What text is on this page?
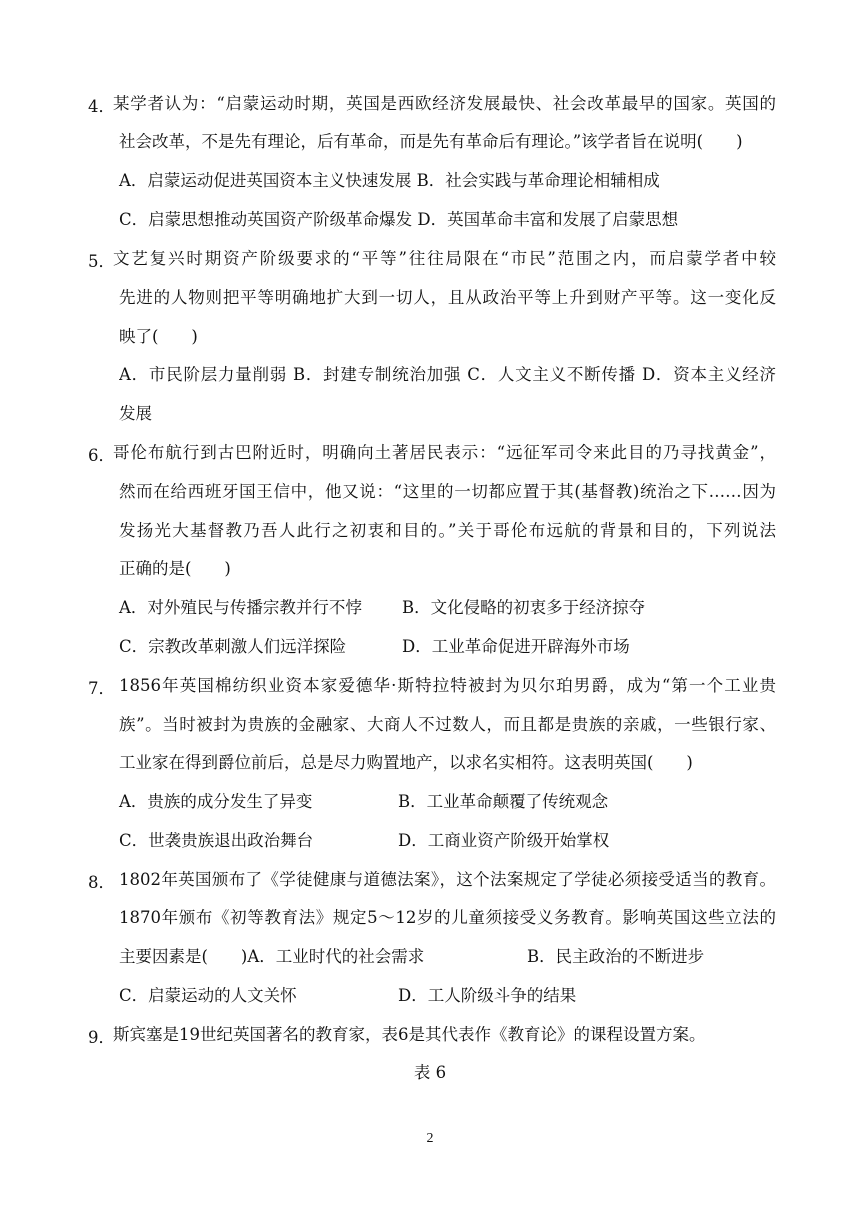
4．
某学者认为：“启蒙运动时期，英国是西欧经济发展最快、社会改革最早的国家。英国的
社会改革，不是先有理论，后有革命，而是先有革命后有理论。”该学者旨在说明(　　)
A．启蒙运动促进英国资本主义快速发展 B．社会实践与革命理论相辅相成
C．启蒙思想推动英国资产阶级革命爆发 D．英国革命丰富和发展了启蒙思想
5．
文艺复兴时期资产阶级要求的“平等”往往局限在“市民”范围之内，而启蒙学者中较
先进的人物则把平等明确地扩大到一切人，且从政治平等上升到财产平等。这一变化反
映了(　　)
A．市民阶层力量削弱 B．封建专制统治加强 C．人文主义不断传播 D．资本主义经济
发展
6．
哥伦布航行到古巴附近时，明确向土著居民表示：“远征军司令来此目的乃寻找黄金”，
然而在给西班牙国王信中，他又说：“这里的一切都应置于其(基督教)统治之下……因为
发扬光大基督教乃吾人此行之初衷和目的。”关于哥伦布远航的背景和目的，下列说法
正确的是(　　)
A．对外殖民与传播宗教并行不悖 B．文化侵略的初衷多于经济掠夺
C．宗教改革刺激人们远洋探险	D．工业革命促进开辟海外市场
7． 1856年英国棉纺织业资本家爱德华·斯特拉特被封为贝尔珀男爵，成为“第一个工业贵
族”。当时被封为贵族的金融家、大商人不过数人，而且都是贵族的亲戚，一些银行家、
工业家在得到爵位前后，总是尽力购置地产，以求名实相符。这表明英国(　　)
A．贵族的成分发生了异变	B．工业革命颠覆了传统观念
C．世袭贵族退出政治舞台	D．工商业资产阶级开始掌权
8． 1802年英国颁布了《学徒健康与道德法案》，这个法案规定了学徒必须接受适当的教育。
1870年颁布《初等教育法》规定5～12岁的儿童须接受义务教育。影响英国这些立法的
主要因素是(　　)A．工业时代的社会需求	B．民主政治的不断进步
C．启蒙运动的人文关怀	D．工人阶级斗争的结果
9．
斯宾塞是19世纪英国著名的教育家，表6是其代表作《教育论》的课程设置方案。
表 6
2
